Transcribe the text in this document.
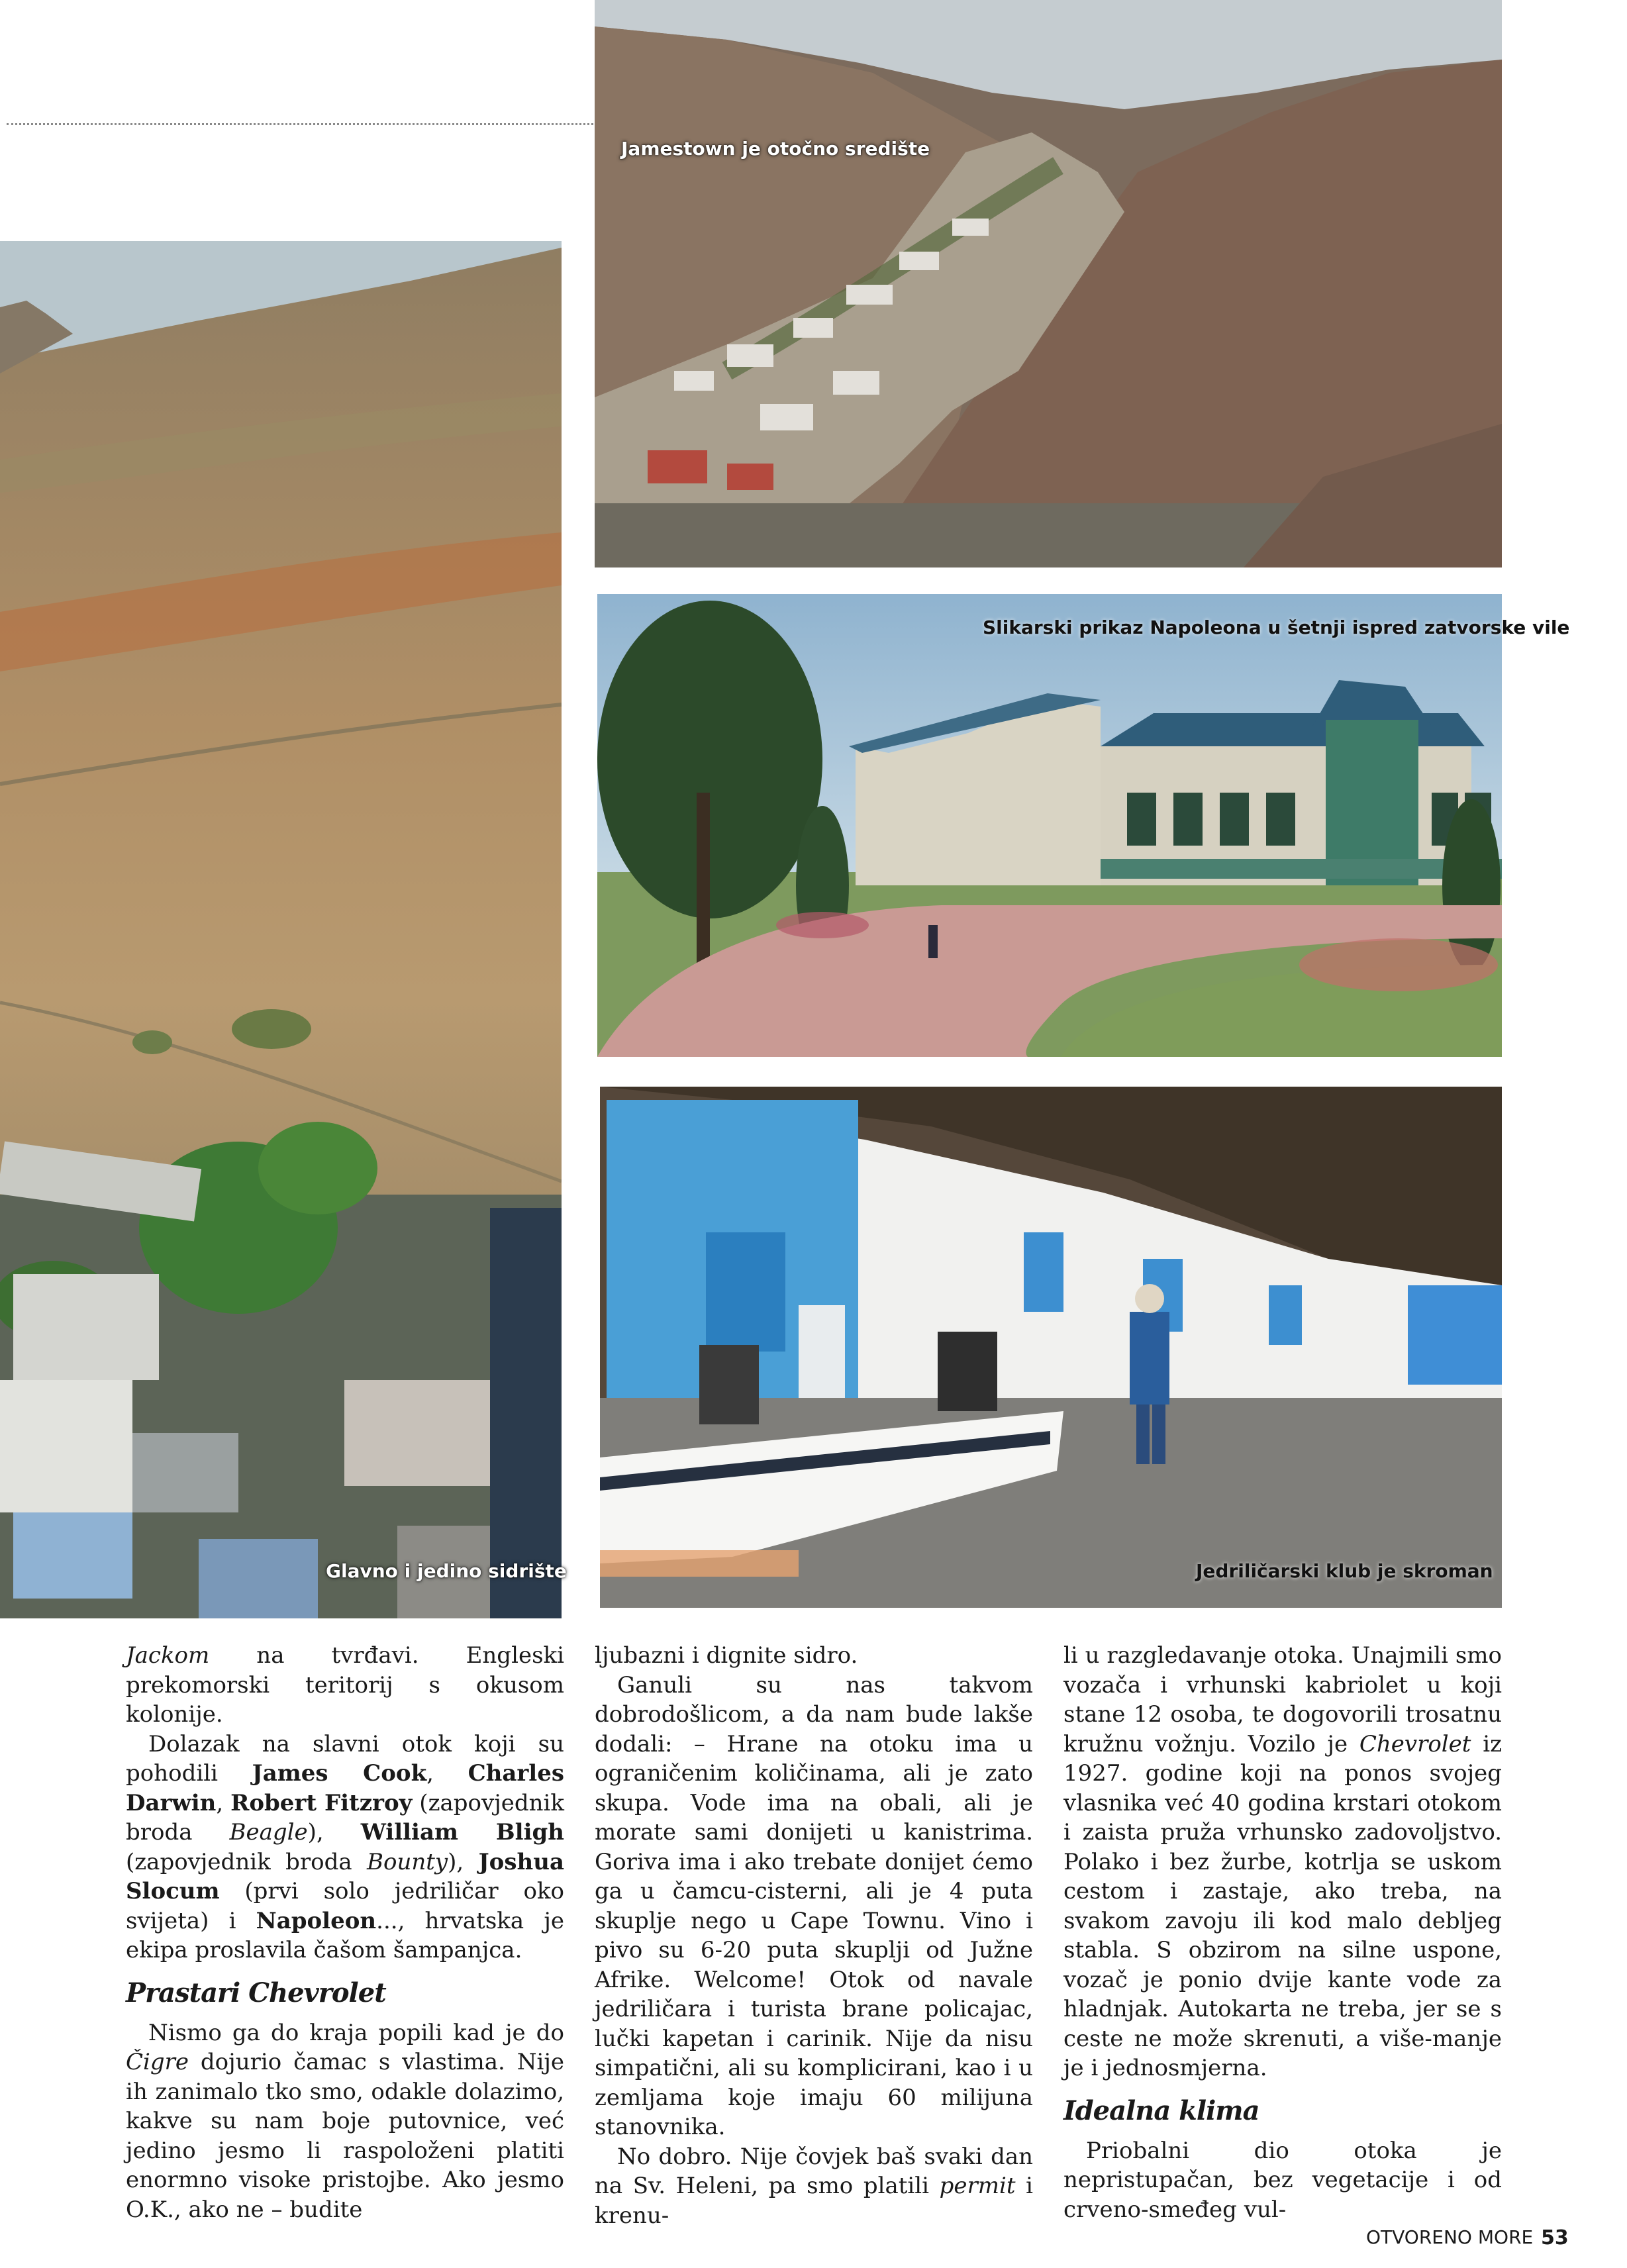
Jamestown je otočno središte
Slikarski prikaz Napoleona u šetnji ispred zatvorske vile
Glavno i jedino sidrište	Jedriličarski klub je skroman

Jackom na tvrđavi. Engleski prekomorski teritorij s okusom kolonije.

Dolazak na slavni otok koji su pohodili James Cook, Charles Darwin, Robert Fitzroy (zapovjednik broda Beagle), William Bligh (zapovjednik broda Bounty), Joshua Slocum (prvi solo jedriličar oko svijeta) i Napoleon..., hrvatska je ekipa proslavila čašom šampanjca.

Prastari Chevrolet

Nismo ga do kraja popili kad je do Čigre dojurio čamac s vlastima. Nije ih zanimalo tko smo, odakle dolazimo, kakve su nam boje putovnice, već jedino jesmo li raspoloženi platiti enormno visoke pristojbe. Ako jesmo O.K., ako ne – budite

ljubazni i dignite sidro.

Ganuli su nas takvom dobrodošlicom, a da nam bude lakše dodali: – Hrane na otoku ima u ograničenim količinama, ali je zato skupa. Vode ima na obali, ali je morate sami donijeti u kanistrima. Goriva ima i ako trebate donijet ćemo ga u čamcu-cisterni, ali je 4 puta skuplje nego u Cape Townu. Vino i pivo su 6-20 puta skuplji od Južne Afrike. Welcome! Otok od navale jedriličara i turista brane policajac, lučki kapetan i carinik. Nije da nisu simpatični, ali su komplicirani, kao i u zemljama koje imaju 60 milijuna stanovnika.

No dobro. Nije čovjek baš svaki dan na Sv. Heleni, pa smo platili permit i krenu-

li u razgledavanje otoka. Unajmili smo vozača i vrhunski kabriolet u koji stane 12 osoba, te dogovorili trosatnu kružnu vožnju. Vozilo je Chevrolet iz 1927. godine koji na ponos svojeg vlasnika već 40 godina krstari otokom i zaista pruža vrhunsko zadovoljstvo. Polako i bez žurbe, kotrlja se uskom cestom i zastaje, ako treba, na svakom zavoju ili kod malo debljeg stabla. S obzirom na silne uspone, vozač je ponio dvije kante vode za hladnjak. Autokarta ne treba, jer se s ceste ne može skrenuti, a više-manje je i jednosmjerna.

Idealna klima

Priobalni dio otoka je nepristupačan, bez vegetacije i od crveno-smeđeg vul-

OTVORENO MORE 53
